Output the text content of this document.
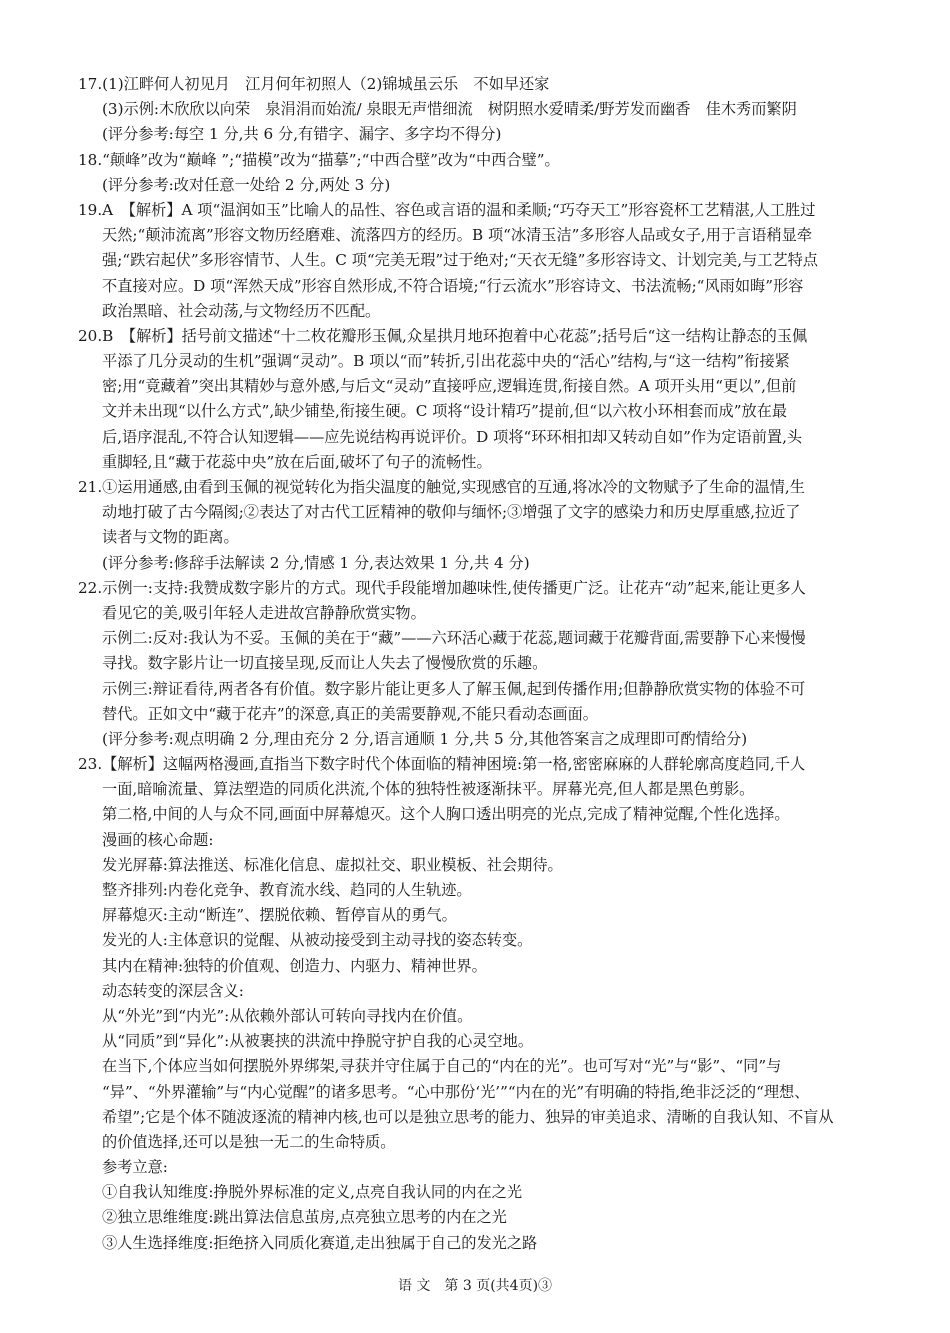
17.(1)江畔何人初见月　江月何年初照人（2)锦城虽云乐　不如早还家
(3)示例:木欣欣以向荣　泉涓涓而始流/ 泉眼无声惜细流　树阴照水爱晴柔/野芳发而幽香　佳木秀而繁阴
(评分参考:每空 1 分,共 6 分,有错字、漏字、多字均不得分)
18.“颠峰”改为“巅峰 ”;“描模”改为“描摹”;“中西合壁”改为“中西合璧”。
(评分参考:改对任意一处给 2 分,两处 3 分)
19.A　【解析】A 项“温润如玉”比喻人的品性、容色或言语的温和柔顺;“巧夺天工”形容瓷杯工艺精湛,人工胜过
天然;“颠沛流离”形容文物历经磨难、流落四方的经历。B 项“冰清玉洁”多形容人品或女子,用于言语稍显牵
强;“跌宕起伏”多形容情节、人生。C 项“完美无瑕”过于绝对;“天衣无缝”多形容诗文、计划完美,与工艺特点
不直接对应。D 项“浑然天成”形容自然形成,不符合语境;“行云流水”形容诗文、书法流畅;“风雨如晦”形容
政治黑暗、社会动荡,与文物经历不匹配。
20.B　【解析】括号前文描述“十二枚花瓣形玉佩,众星拱月地环抱着中心花蕊”;括号后“这一结构让静态的玉佩
平添了几分灵动的生机”强调“灵动”。B 项以“而”转折,引出花蕊中央的“活心”结构,与“这一结构”衔接紧
密;用“竟藏着”突出其精妙与意外感,与后文“灵动”直接呼应,逻辑连贯,衔接自然。A 项开头用“更以”,但前
文并未出现“以什么方式”,缺少铺垫,衔接生硬。C 项将“设计精巧”提前,但“以六枚小环相套而成”放在最
后,语序混乱,不符合认知逻辑——应先说结构再说评价。D 项将“环环相扣却又转动自如”作为定语前置,头
重脚轻,且“藏于花蕊中央”放在后面,破坏了句子的流畅性。
21.①运用通感,由看到玉佩的视觉转化为指尖温度的触觉,实现感官的互通,将冰冷的文物赋予了生命的温情,生
动地打破了古今隔阂;②表达了对古代工匠精神的敬仰与缅怀;③增强了文字的感染力和历史厚重感,拉近了
读者与文物的距离。
(评分参考:修辞手法解读 2 分,情感 1 分,表达效果 1 分,共 4 分)
22.示例一:支持:我赞成数字影片的方式。现代手段能增加趣味性,使传播更广泛。让花卉“动”起来,能让更多人
看见它的美,吸引年轻人走进故宫静静欣赏实物。
示例二:反对:我认为不妥。玉佩的美在于“藏”——六环活心藏于花蕊,题词藏于花瓣背面,需要静下心来慢慢
寻找。数字影片让一切直接呈现,反而让人失去了慢慢欣赏的乐趣。
示例三:辩证看待,两者各有价值。数字影片能让更多人了解玉佩,起到传播作用;但静静欣赏实物的体验不可
替代。正如文中“藏于花卉”的深意,真正的美需要静观,不能只看动态画面。
(评分参考:观点明确 2 分,理由充分 2 分,语言通顺 1 分,共 5 分,其他答案言之成理即可酌情给分)
23.【解析】这幅两格漫画,直指当下数字时代个体面临的精神困境:第一格,密密麻麻的人群轮廓高度趋同,千人
一面,暗喻流量、算法塑造的同质化洪流,个体的独特性被逐渐抹平。屏幕光亮,但人都是黑色剪影。
第二格,中间的人与众不同,画面中屏幕熄灭。这个人胸口透出明亮的光点,完成了精神觉醒,个性化选择。
漫画的核心命题:
发光屏幕:算法推送、标准化信息、虚拟社交、职业模板、社会期待。
整齐排列:内卷化竞争、教育流水线、趋同的人生轨迹。
屏幕熄灭:主动“断连”、摆脱依赖、暂停盲从的勇气。
发光的人:主体意识的觉醒、从被动接受到主动寻找的姿态转变。
其内在精神:独特的价值观、创造力、内驱力、精神世界。
动态转变的深层含义:
从“外光”到“内光”:从依赖外部认可转向寻找内在价值。
从“同质”到“异化”:从被裹挟的洪流中挣脱守护自我的心灵空地。
在当下,个体应当如何摆脱外界绑架,寻获并守住属于自己的“内在的光”。也可写对“光”与“影”、“同”与
“异”、“外界灌输”与“内心觉醒”的诸多思考。“心中那份‘光’”“内在的光”有明确的特指,绝非泛泛的“理想、
希望”;它是个体不随波逐流的精神内核,也可以是独立思考的能力、独异的审美追求、清晰的自我认知、不盲从
的价值选择,还可以是独一无二的生命特质。
参考立意:
①自我认知维度:挣脱外界标准的定义,点亮自我认同的内在之光
②独立思维维度:跳出算法信息茧房,点亮独立思考的内在之光
③人生选择维度:拒绝挤入同质化赛道,走出独属于自己的发光之路
语 文　第 3 页(共4页)③
